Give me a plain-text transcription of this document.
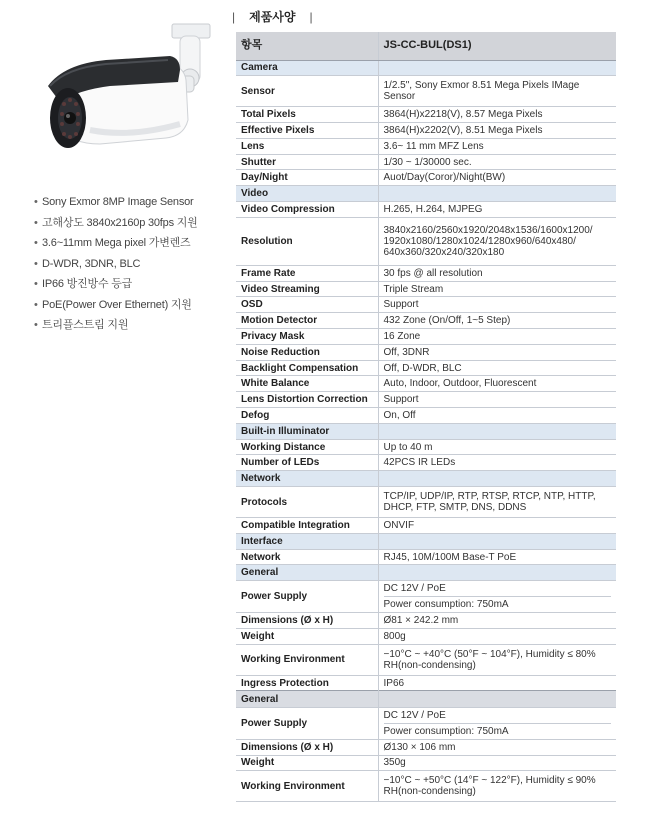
• Sony Exmor 8MP Image Sensor
• 고해상도 3840x2160p 30fps 지원
• 3.6~11mm Mega pixel 가변렌즈
• D-WDR, 3DNR, BLC
• IP66 방진방수 등급
• PoE(Power Over Ethernet) 지원
• 트리플스트림 지원
| 제품사양 |
항목	JS-CC-BUL(DS1)
Camera	
Sensor	1/2.5", Sony Exmor 8.51 Mega Pixels IMage
Sensor

Total Pixels	3864(H)x2218(V), 8.57 Mega Pixels

Effective Pixels	3864(H)x2202(V), 8.51 Mega Pixels

Lens	3.6~ 11 mm MFZ Lens

Shutter	1/30 ~ 1/30000 sec.

Day/Night	Auot/Day(Coror)/Night(BW)

Video	
Video Compression	H.265, H.264, MJPEG

Resolution	3840x2160/2560x1920/2048x1536/1600x1200/
1920x1080/1280x1024/1280x960/640x480/
640x360/320x240/320x180

Frame Rate	30 fps @ all resolution

Video Streaming	Triple Stream

OSD	Support

Motion Detector	432 Zone (On/Off, 1~5 Step)

Privacy Mask	16 Zone

Noise Reduction	Off, 3DNR

Backlight Compensation	Off, D-WDR, BLC

White Balance	Auto, Indoor, Outdoor, Fluorescent

Lens Distortion Correction	Support

Defog	On, Off

Built-in Illuminator	
Working Distance	Up to 40 m

Number of LEDs	42PCS IR LEDs

Network	
Protocols	TCP/IP, UDP/IP, RTP, RTSP, RTCP, NTP, HTTP,
DHCP, FTP, SMTP, DNS, DDNS

Compatible Integration	ONVIF

Interface	
Network	RJ45, 10M/100M Base-T PoE

General	
Power Supply	DC 12V / PoE
Power consumption: 750mA

Dimensions (Ø x H)	Ø81 × 242.2 mm

Weight	800g

Working Environment	−10°C ~ +40°C (50°F ~ 104°F), Humidity ≤ 80%
RH(non-condensing)

Ingress Protection	IP66
General	
Power Supply	DC 12V / PoE
Power consumption: 750mA

Dimensions (Ø x H)	Ø130 × 106 mm

Weight	350g

Working Environment	−10°C ~ +50°C (14°F ~ 122°F), Humidity ≤ 90%
RH(non-condensing)
